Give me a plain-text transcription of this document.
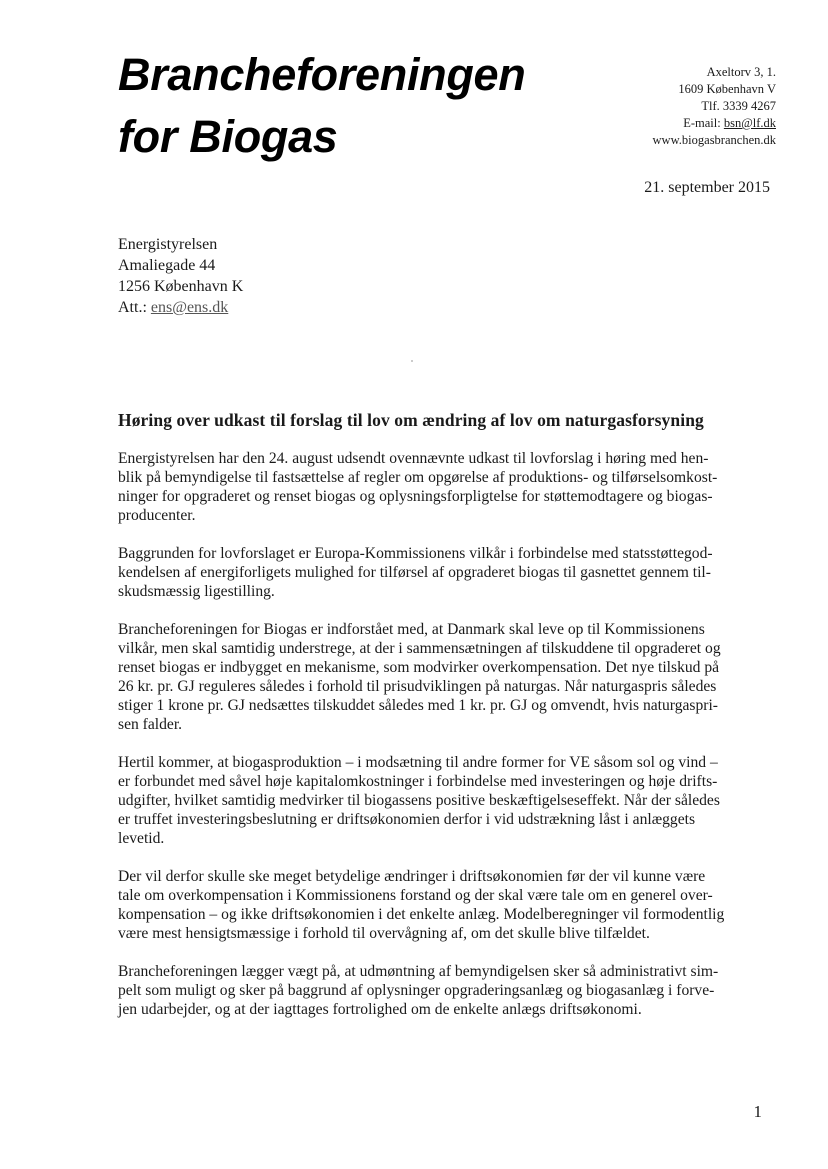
Brancheforeningen
for Biogas
Axeltorv 3, 1.
1609 København V
Tlf. 3339 4267
E-mail: bsn@lf.dk
www.biogasbranchen.dk
21. september 2015
Energistyrelsen
Amaliegade 44
1256 København K
Att.: ens@ens.dk
Høring over udkast til forslag til lov om ændring af lov om naturgasforsyning
Energistyrelsen har den 24. august udsendt ovennævnte udkast til lovforslag i høring med hen-
blik på bemyndigelse til fastsættelse af regler om opgørelse af produktions- og tilførselsomkost-
ninger for opgraderet og renset biogas og oplysningsforpligtelse for støttemodtagere og biogas-
producenter.
Baggrunden for lovforslaget er Europa-Kommissionens vilkår i forbindelse med statsstøttegod-
kendelsen af energiforligets mulighed for tilførsel af opgraderet biogas til gasnettet gennem til-
skudsmæssig ligestilling.
Brancheforeningen for Biogas er indforstået med, at Danmark skal leve op til Kommissionens
vilkår, men skal samtidig understrege, at der i sammensætningen af tilskuddene til opgraderet og
renset biogas er indbygget en mekanisme, som modvirker overkompensation. Det nye tilskud på
26 kr. pr. GJ reguleres således i forhold til prisudviklingen på naturgas. Når naturgaspris således
stiger 1 krone pr. GJ nedsættes tilskuddet således med 1 kr. pr. GJ og omvendt, hvis naturgaspri-
sen falder.
Hertil kommer, at biogasproduktion – i modsætning til andre former for VE såsom sol og vind –
er forbundet med såvel høje kapitalomkostninger i forbindelse med investeringen og høje drifts-
udgifter, hvilket samtidig medvirker til biogassens positive beskæftigelseseffekt. Når der således
er truffet investeringsbeslutning er driftsøkonomien derfor i vid udstrækning låst i anlæggets
levetid.
Der vil derfor skulle ske meget betydelige ændringer i driftsøkonomien før der vil kunne være
tale om overkompensation i Kommissionens forstand og der skal være tale om en generel over-
kompensation – og ikke driftsøkonomien i det enkelte anlæg. Modelberegninger vil formodentlig
være mest hensigtsmæssige i forhold til overvågning af, om det skulle blive tilfældet.
Brancheforeningen lægger vægt på, at udmøntning af bemyndigelsen sker så administrativt sim-
pelt som muligt og sker på baggrund af oplysninger opgraderingsanlæg og biogasanlæg i forve-
jen udarbejder, og at der iagttages fortrolighed om de enkelte anlægs driftsøkonomi.
1
